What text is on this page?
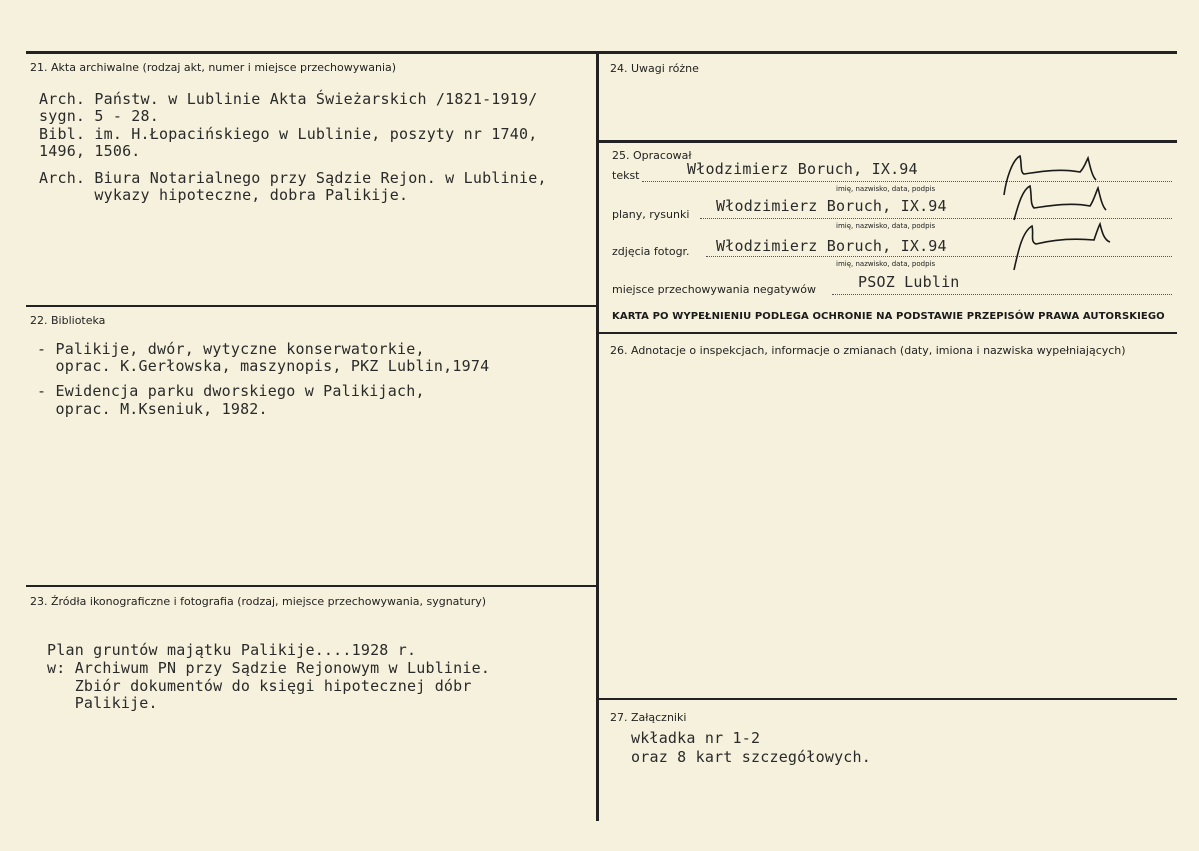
21. Akta archiwalne (rodzaj akt, numer i miejsce przechowywania)
Arch. Państw. w Lublinie Akta Świeżarskich /1821-1919/
sygn. 5 - 28.
Bibl. im. H.Łopacińskiego w Lublinie, poszyty nr 1740,
1496, 1506.
Arch. Biura Notarialnego przy Sądzie Rejon. w Lublinie,
wykazy hipoteczne, dobra Palikije.
22. Biblioteka
- Palikije, dwór, wytyczne konserwatorkie,
oprac. K.Gerłowska, maszynopis, PKZ Lublin,1974
- Ewidencja parku dworskiego w Palikijach,
oprac. M.Kseniuk, 1982.
23. Źródła ikonograficzne i fotografia (rodzaj, miejsce przechowywania, sygnatury)
Plan gruntów majątku Palikije....1928 r.
w: Archiwum PN przy Sądzie Rejonowym w Lublinie.
Zbiór dokumentów do księgi hipotecznej dóbr
Palikije.
24. Uwagi różne
25. Opracował
tekst	Włodzimierz Boruch, IX.94
imię, nazwisko, data, podpis
plany, rysunki Włodzimierz Boruch, IX.94
imię, nazwisko, data, podpis
zdjęcia fotogr. Włodzimierz Boruch, IX.94
imię, nazwisko, data, podpis
miejsce przechowywania negatywów	PSOZ Lublin
KARTA PO WYPEŁNIENIU PODLEGA OCHRONIE NA PODSTAWIE PRZEPISÓW PRAWA AUTORSKIEGO
26. Adnotacje o inspekcjach, informacje o zmianach (daty, imiona i nazwiska wypełniających)
27. Załączniki
wkładka nr 1-2
oraz 8 kart szczegółowych.
